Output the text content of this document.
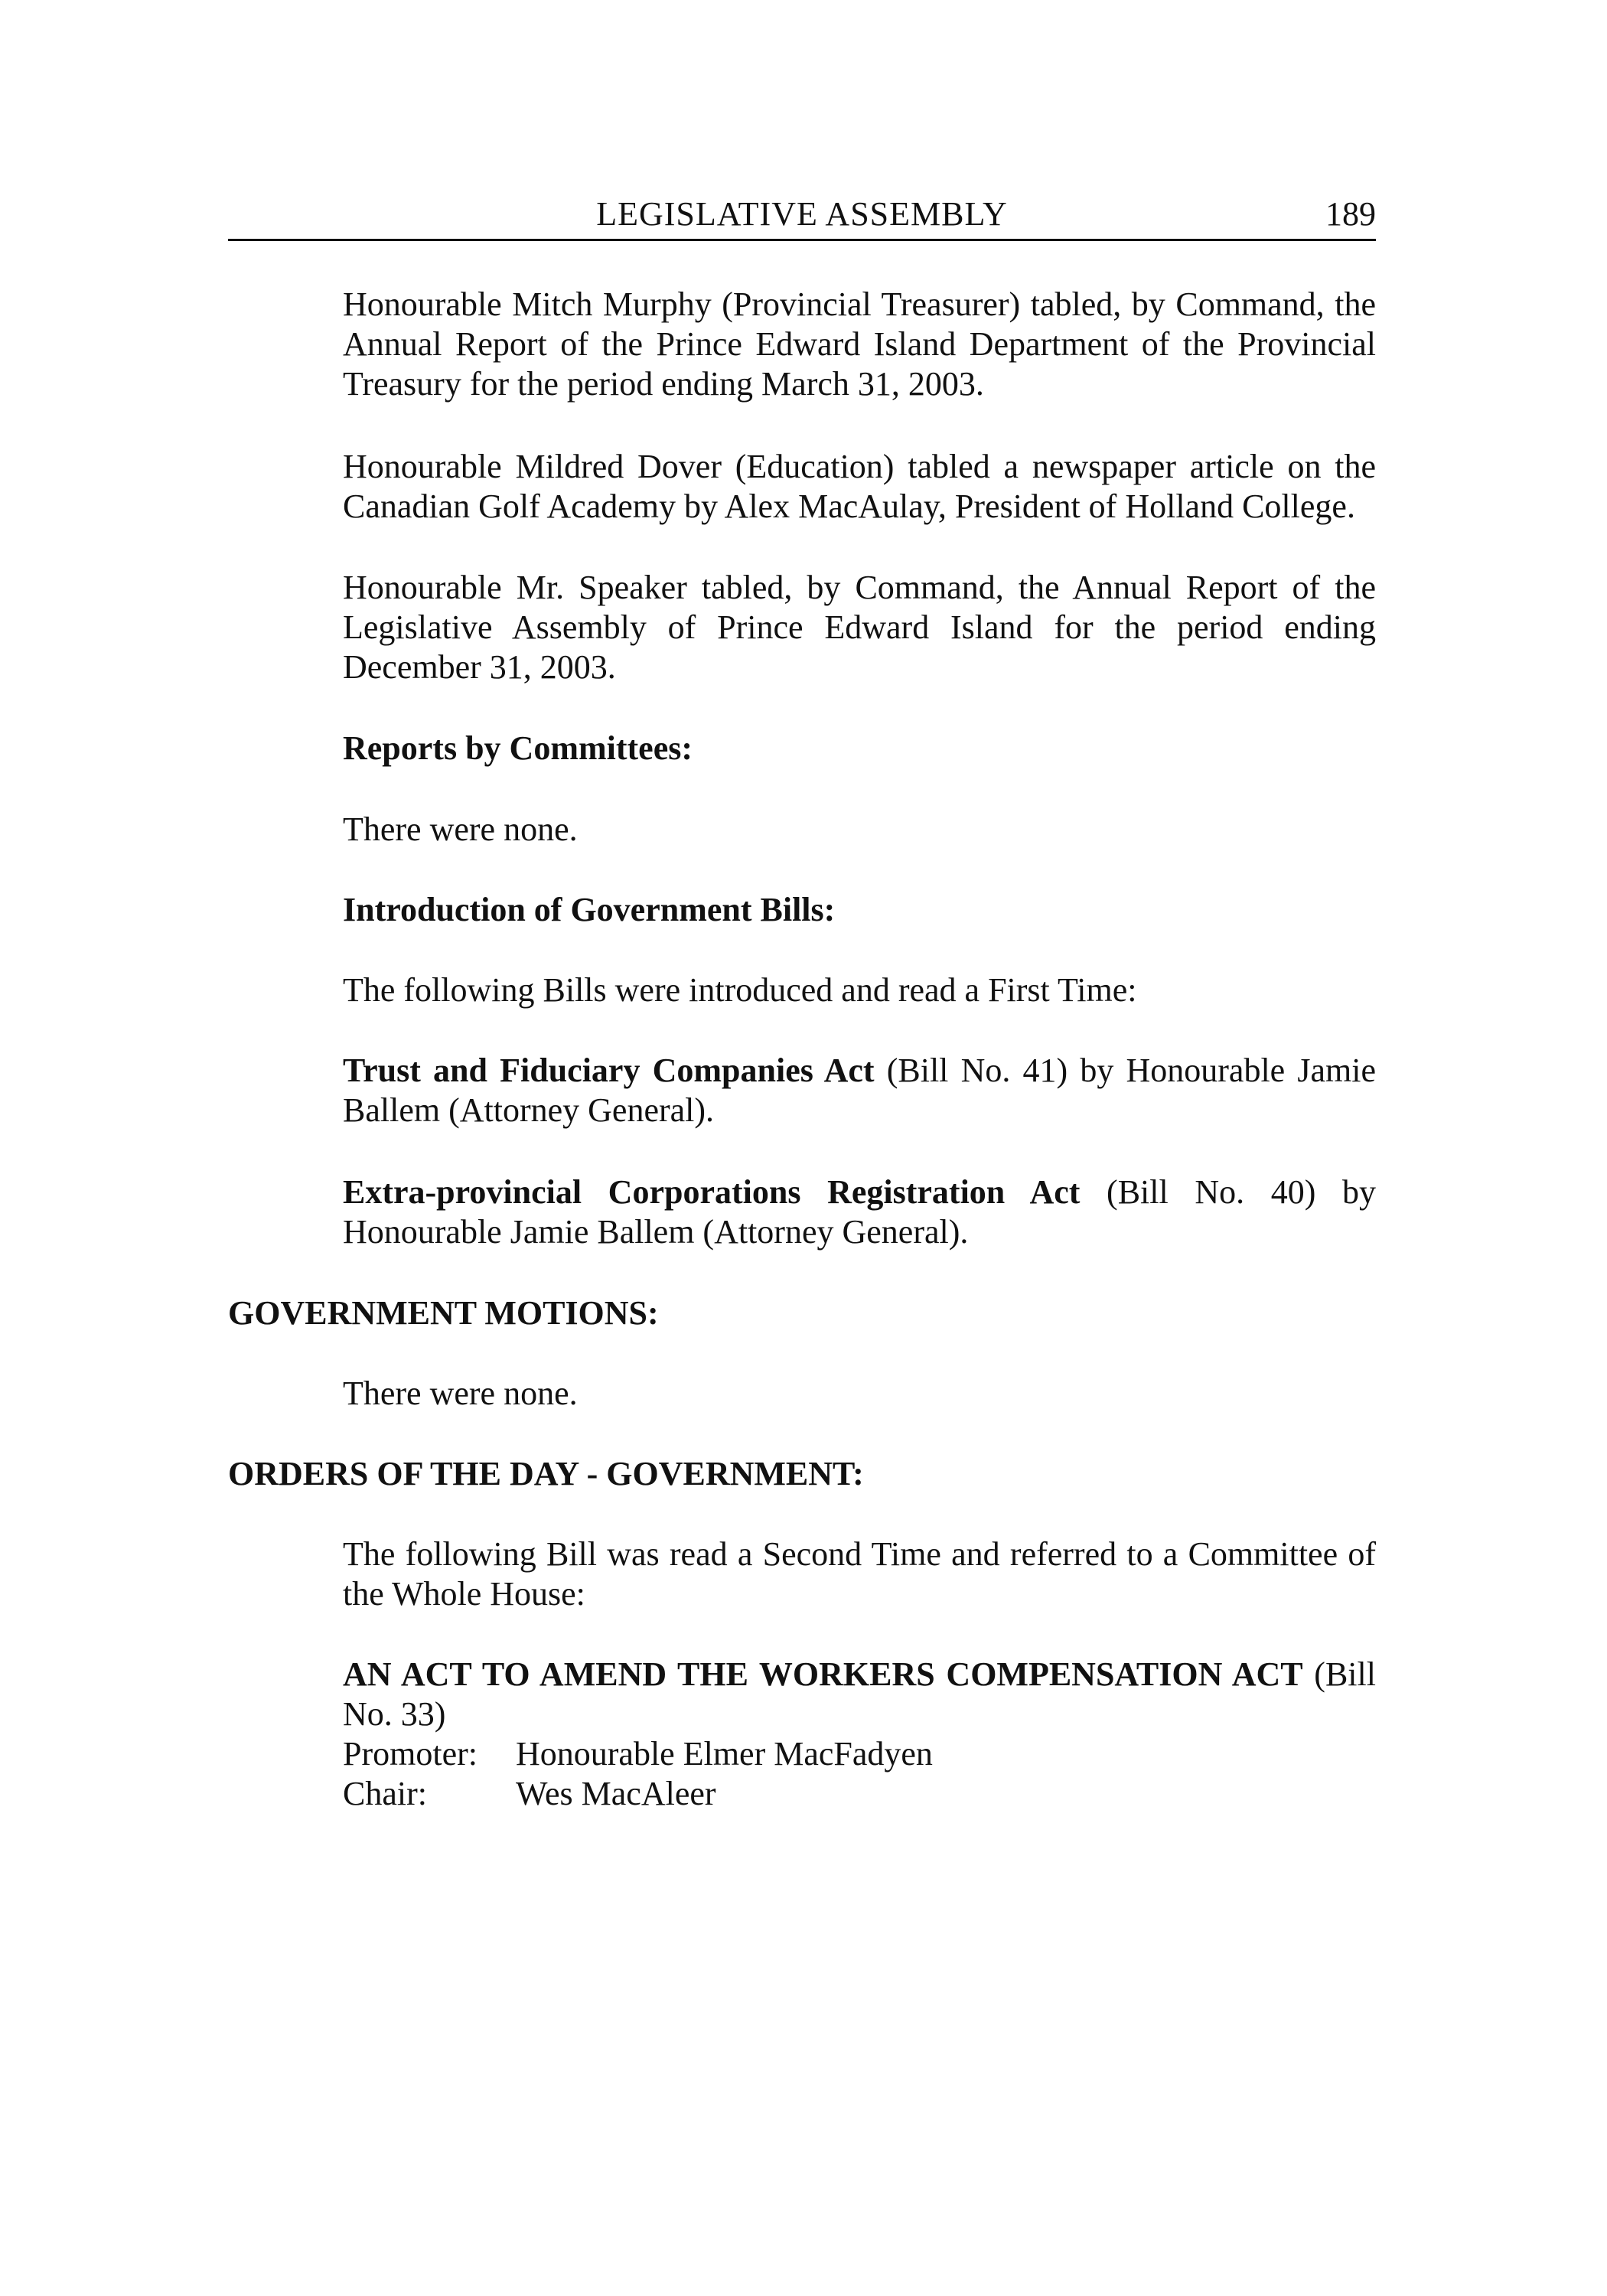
LEGISLATIVE ASSEMBLY	189

Honourable Mitch Murphy (Provincial Treasurer) tabled, by Command, the Annual Report of the Prince Edward Island Department of the Provincial Treasury for the period ending March 31, 2003.

Honourable Mildred Dover (Education) tabled a newspaper article on the Canadian Golf Academy by Alex MacAulay, President of Holland College.

Honourable Mr. Speaker tabled, by Command, the Annual Report of the Legislative Assembly of Prince Edward Island for the period ending December 31, 2003.

Reports by Committees:

There were none.

Introduction of Government Bills:

The following Bills were introduced and read a First Time:

Trust and Fiduciary Companies Act (Bill No. 41) by Honourable Jamie Ballem (Attorney General).

Extra-provincial Corporations Registration Act (Bill No. 40) by Honourable Jamie Ballem (Attorney General).

GOVERNMENT MOTIONS:

There were none.

ORDERS OF THE DAY - GOVERNMENT:

The following Bill was read a Second Time and referred to a Committee of the Whole House:

AN ACT TO AMEND THE WORKERS COMPENSATION ACT (Bill No. 33)

Promoter: Honourable Elmer MacFadyen
Chair:	Wes MacAleer
